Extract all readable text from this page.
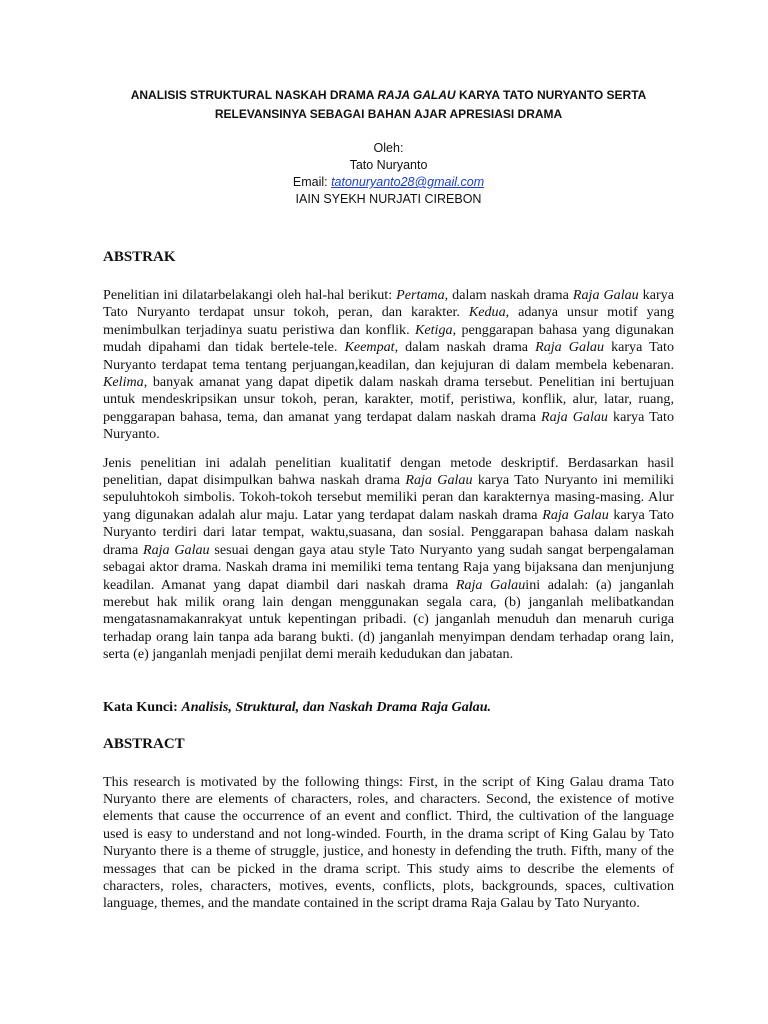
ANALISIS STRUKTURAL NASKAH DRAMA RAJA GALAU KARYA TATO NURYANTO SERTA
RELEVANSINYA SEBAGAI BAHAN AJAR APRESIASI DRAMA
Oleh:
Tato Nuryanto
Email: tatonuryanto28@gmail.com
IAIN SYEKH NURJATI CIREBON
ABSTRAK

Penelitian ini dilatarbelakangi oleh hal-hal berikut: Pertama, dalam naskah drama Raja Galau karya Tato Nuryanto terdapat unsur tokoh, peran, dan karakter. Kedua, adanya unsur motif yang menimbulkan terjadinya suatu peristiwa dan konflik. Ketiga, penggarapan bahasa yang digunakan mudah dipahami dan tidak bertele-tele. Keempat, dalam naskah drama Raja Galau karya Tato Nuryanto terdapat tema tentang perjuangan,keadilan, dan kejujuran di dalam membela kebenaran. Kelima, banyak amanat yang dapat dipetik dalam naskah drama tersebut. Penelitian ini bertujuan untuk mendeskripsikan unsur tokoh, peran, karakter, motif, peristiwa, konflik, alur, latar, ruang, penggarapan bahasa, tema, dan amanat yang terdapat dalam naskah drama Raja Galau karya Tato Nuryanto.

Jenis penelitian ini adalah penelitian kualitatif dengan metode deskriptif. Berdasarkan hasil penelitian, dapat disimpulkan bahwa naskah drama Raja Galau karya Tato Nuryanto ini memiliki sepuluhtokoh simbolis. Tokoh-tokoh tersebut memiliki peran dan karakternya masing-masing. Alur yang digunakan adalah alur maju. Latar yang terdapat dalam naskah drama Raja Galau karya Tato Nuryanto terdiri dari latar tempat, waktu,suasana, dan sosial. Penggarapan bahasa dalam naskah drama Raja Galau sesuai dengan gaya atau style Tato Nuryanto yang sudah sangat berpengalaman sebagai aktor drama. Naskah drama ini memiliki tema tentang Raja yang bijaksana dan menjunjung keadilan. Amanat yang dapat diambil dari naskah drama Raja Galauini adalah: (a) janganlah merebut hak milik orang lain dengan menggunakan segala cara, (b) janganlah melibatkandan mengatasnamakanrakyat untuk kepentingan pribadi. (c) janganlah menuduh dan menaruh curiga terhadap orang lain tanpa ada barang bukti. (d) janganlah menyimpan dendam terhadap orang lain, serta (e) janganlah menjadi penjilat demi meraih kedudukan dan jabatan.

Kata Kunci: Analisis, Struktural, dan Naskah Drama Raja Galau.
ABSTRACT

This research is motivated by the following things: First, in the script of King Galau drama Tato Nuryanto there are elements of characters, roles, and characters. Second, the existence of motive elements that cause the occurrence of an event and conflict. Third, the cultivation of the language used is easy to understand and not long-winded. Fourth, in the drama script of King Galau by Tato Nuryanto there is a theme of struggle, justice, and honesty in defending the truth. Fifth, many of the messages that can be picked in the drama script. This study aims to describe the elements of characters, roles, characters, motives, events, conflicts, plots, backgrounds, spaces, cultivation language, themes, and the mandate contained in the script drama Raja Galau by Tato Nuryanto.
